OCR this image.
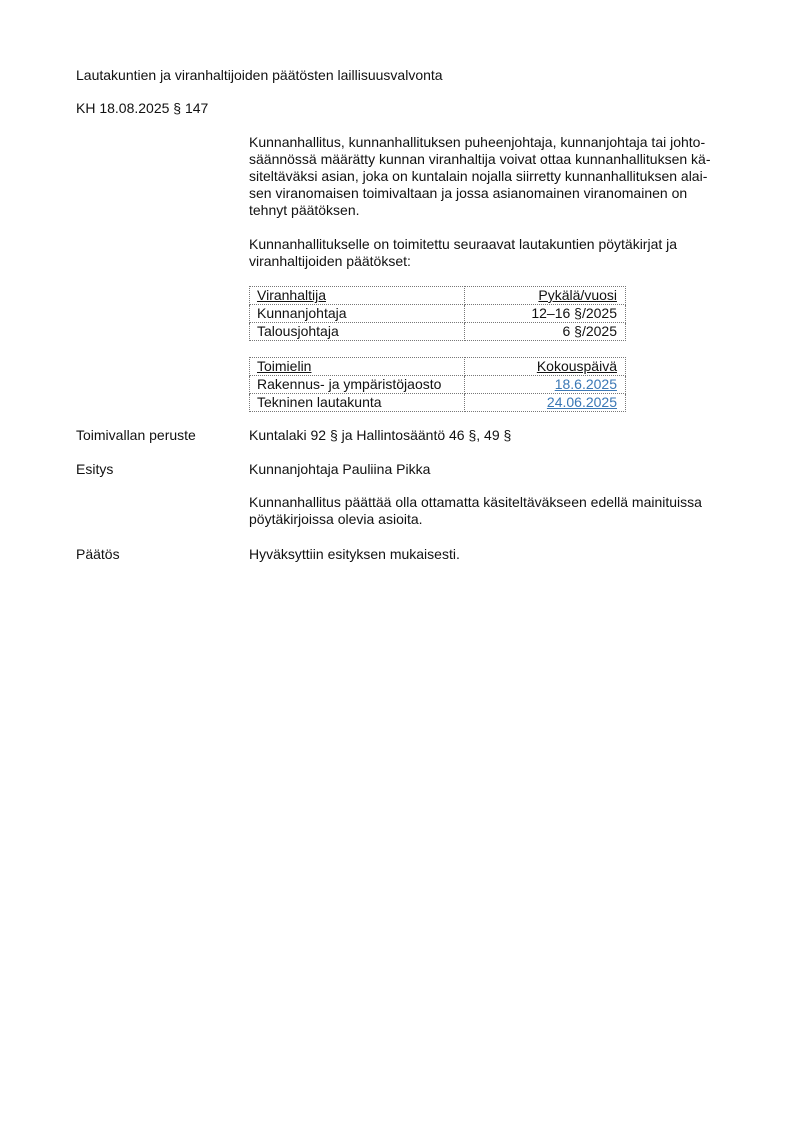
Lautakuntien ja viranhaltijoiden päätösten laillisuusvalvonta
KH 18.08.2025 § 147
Kunnanhallitus, kunnanhallituksen puheenjohtaja, kunnanjohtaja tai johto-
säännössä määrätty kunnan viranhaltija voivat ottaa kunnanhallituksen kä-
siteltäväksi asian, joka on kuntalain nojalla siirretty kunnanhallituksen alai-
sen viranomaisen toimivaltaan ja jossa asianomainen viranomainen on
tehnyt päätöksen.
Kunnanhallitukselle on toimitettu seuraavat lautakuntien pöytäkirjat ja
viranhaltijoiden päätökset:
Viranhaltija	Pykälä/vuosi
Kunnanjohtaja	12–16 §/2025
Talousjohtaja	6 §/2025
Toimielin	Kokouspäivä
Rakennus- ja ympäristöjaosto	18.6.2025
Tekninen lautakunta	24.06.2025
Toimivallan peruste	Kuntalaki 92 § ja Hallintosääntö 46 §, 49 §
Esitys	Kunnanjohtaja Pauliina Pikka
Kunnanhallitus päättää olla ottamatta käsiteltäväkseen edellä mainituissa
pöytäkirjoissa olevia asioita.
Päätös	Hyväksyttiin esityksen mukaisesti.
